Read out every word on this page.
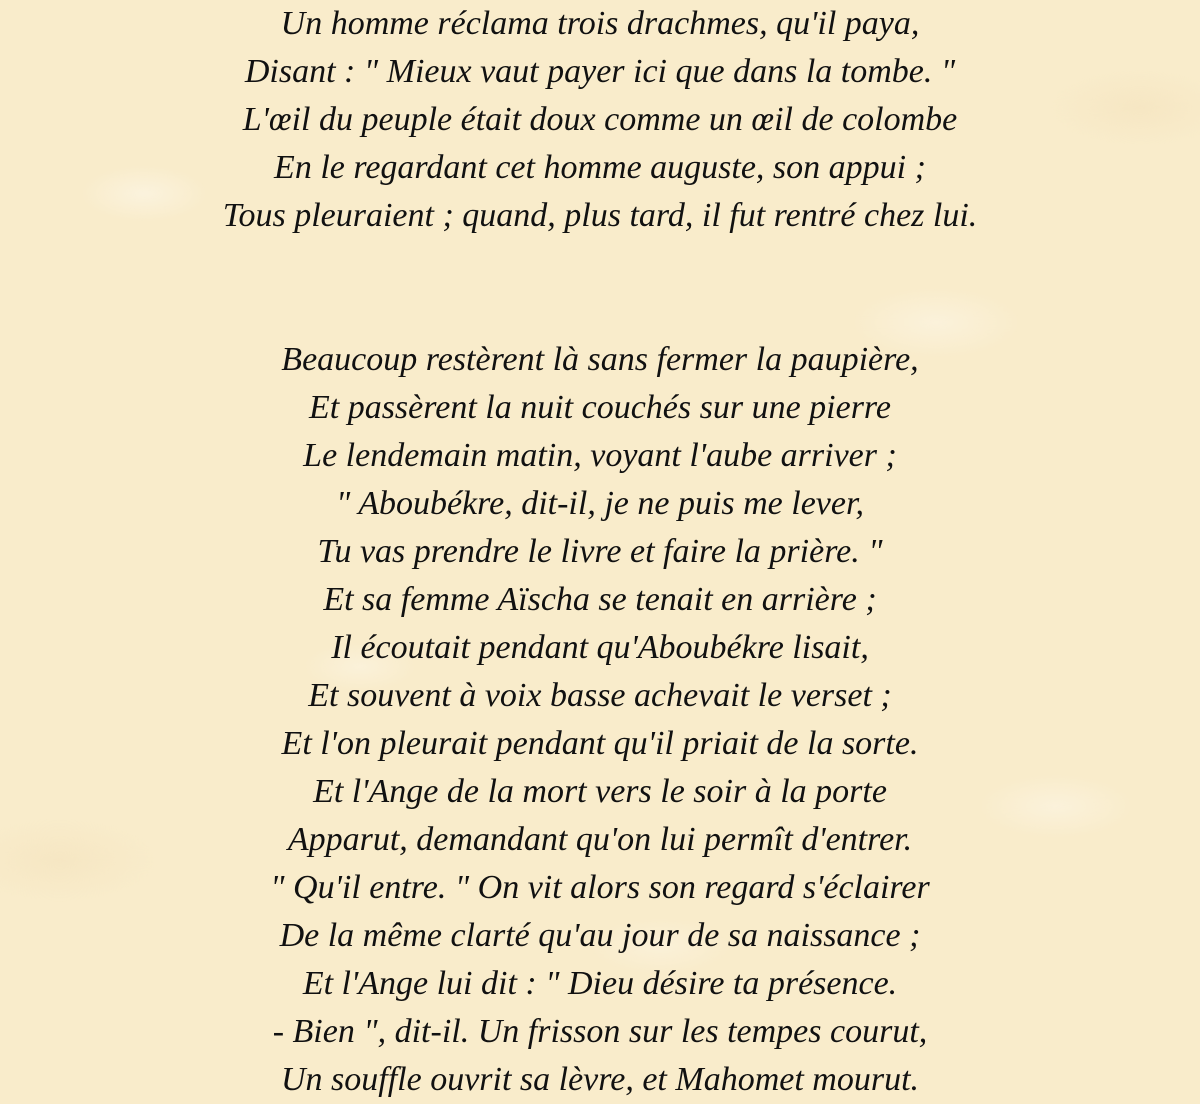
Un homme réclama trois drachmes, qu'il paya,
Disant : " Mieux vaut payer ici que dans la tombe. "
L'œil du peuple était doux comme un œil de colombe
En le regardant cet homme auguste, son appui ;
Tous pleuraient ; quand, plus tard, il fut rentré chez lui.
Beaucoup restèrent là sans fermer la paupière,
Et passèrent la nuit couchés sur une pierre
Le lendemain matin, voyant l'aube arriver ;
" Aboubékre, dit-il, je ne puis me lever,
Tu vas prendre le livre et faire la prière. "
Et sa femme Aïscha se tenait en arrière ;
Il écoutait pendant qu'Aboubékre lisait,
Et souvent à voix basse achevait le verset ;
Et l'on pleurait pendant qu'il priait de la sorte.
Et l'Ange de la mort vers le soir à la porte
Apparut, demandant qu'on lui permît d'entrer.
" Qu'il entre. " On vit alors son regard s'éclairer
De la même clarté qu'au jour de sa naissance ;
Et l'Ange lui dit : " Dieu désire ta présence.
- Bien ", dit-il. Un frisson sur les tempes courut,
Un souffle ouvrit sa lèvre, et Mahomet mourut.
